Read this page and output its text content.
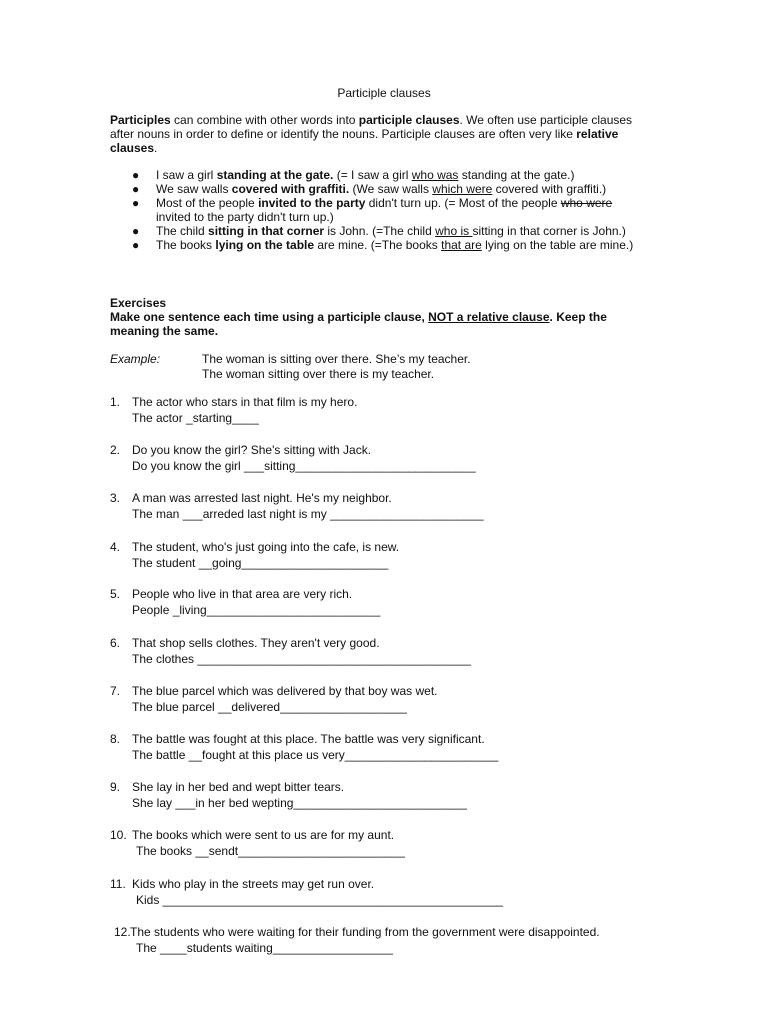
Participle clauses
Participles can combine with other words into participle clauses. We often use participle clauses after nouns in order to define or identify the nouns. Participle clauses are often very like relative clauses.
● I saw a girl standing at the gate. (= I saw a girl who was standing at the gate.)
● We saw walls covered with graffiti. (We saw walls which were covered with graffiti.)
● Most of the people invited to the party didn't turn up. (= Most of the people who were invited to the party didn't turn up.)
● The child sitting in that corner is John. (=The child who is sitting in that corner is John.)
● The books lying on the table are mine. (=The books that are lying on the table are mine.)
Exercises
Make one sentence each time using a participle clause, NOT a relative clause. Keep the meaning the same.
Example:	The woman is sitting over there. She’s my teacher.
The woman sitting over there is my teacher.
1. The actor who stars in that film is my hero.
The actor _starting____
2. Do you know the girl? She's sitting with Jack.
Do you know the girl ___sitting___________________________
3. A man was arrested last night. He's my neighbor.
The man ___arreded last night is my _______________________
4. The student, who's just going into the cafe, is new.
The student __going______________________
5. People who live in that area are very rich.
People _living__________________________
6. That shop sells clothes. They aren't very good.
The clothes _________________________________________
7. The blue parcel which was delivered by that boy was wet.
The blue parcel __delivered___________________
8. The battle was fought at this place. The battle was very significant.
The battle __fought at this place us very_______________________
9. She lay in her bed and wept bitter tears.
She lay ___in her bed wepting__________________________
10. The books which were sent to us are for my aunt.
The books __sendt_________________________
11. Kids who play in the streets may get run over.
Kids ___________________________________________________
12. The students who were waiting for their funding from the government were disappointed.
The ____students waiting__________________
